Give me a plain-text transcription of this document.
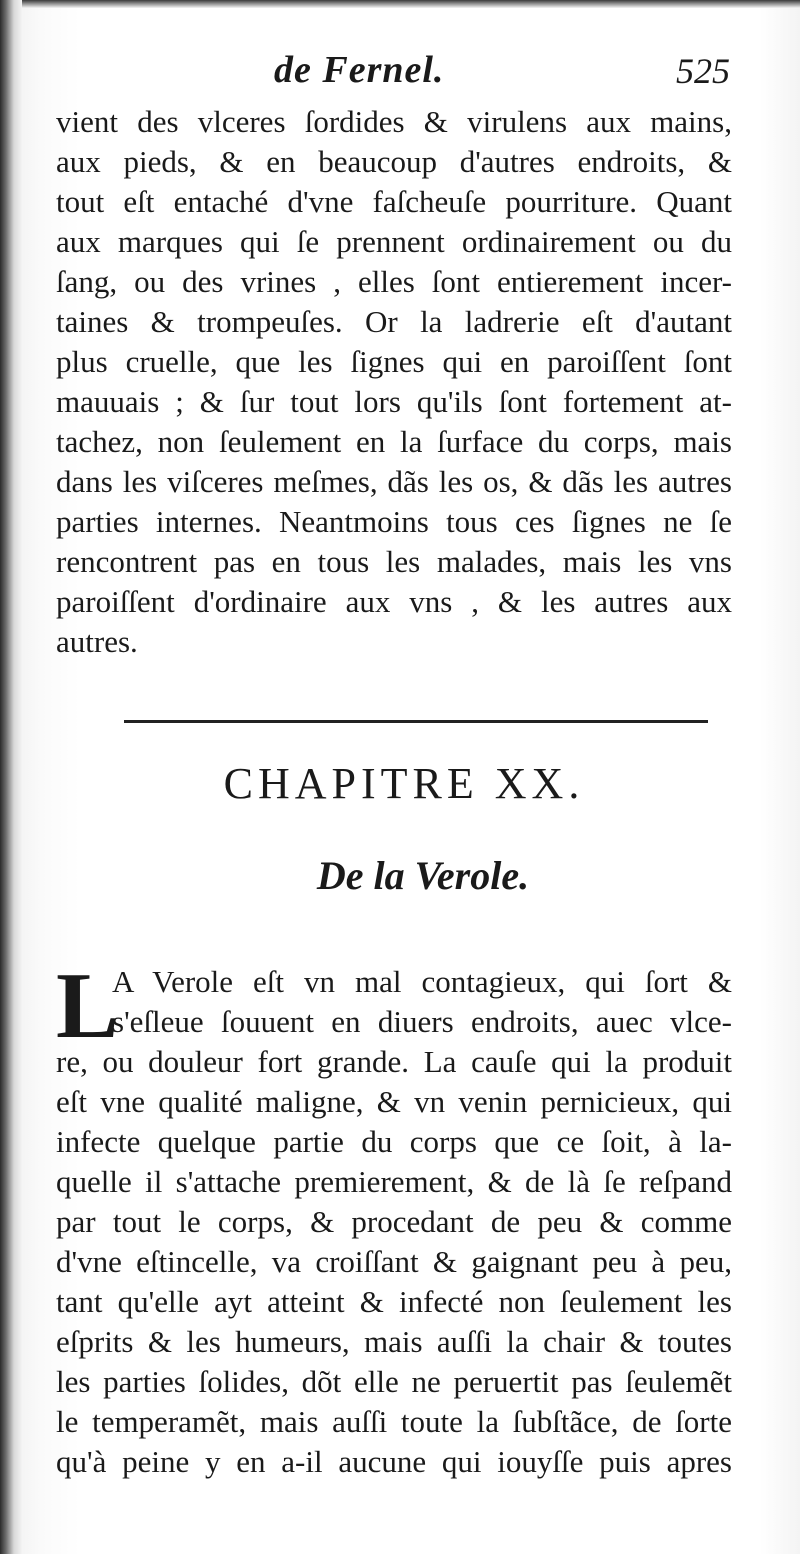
de Fernel.	525
vient des vlceres ſordides & virulens aux mains,
aux pieds, & en beaucoup d'autres endroits, &
tout eſt entaché d'vne faſcheuſe pourriture. Quant
aux marques qui ſe prennent ordinairement ou du
ſang, ou des vrines , elles ſont entierement incer-
taines & trompeuſes. Or la ladrerie eſt d'autant
plus cruelle, que les ſignes qui en paroiſſent ſont
mauuais ; & ſur tout lors qu'ils ſont fortement at-
tachez, non ſeulement en la ſurface du corps, mais
dans les viſceres meſmes, dãs les os, & dãs les autres
parties internes. Neantmoins tous ces ſignes ne ſe
rencontrent pas en tous les malades, mais les vns
paroiſſent d'ordinaire aux vns , & les autres aux
autres.
CHAPITRE XX.
De la Verole.
L
A Verole eſt vn mal contagieux, qui ſort &
s'eſleue ſouuent en diuers endroits, auec vlce-
re, ou douleur fort grande. La cauſe qui la produit
eſt vne qualité maligne, & vn venin pernicieux, qui
infecte quelque partie du corps que ce ſoit, à la-
quelle il s'attache premierement, & de là ſe reſpand
par tout le corps, & procedant de peu & comme
d'vne eſtincelle, va croiſſant & gaignant peu à peu,
tant qu'elle ayt atteint & infecté non ſeulement les
eſprits & les humeurs, mais auſſi la chair & toutes
les parties ſolides, dõt elle ne peruertit pas ſeulemẽt
le temperamẽt, mais auſſi toute la ſubſtãce, de ſorte
qu'à peine y en a-il aucune qui iouyſſe puis apres
